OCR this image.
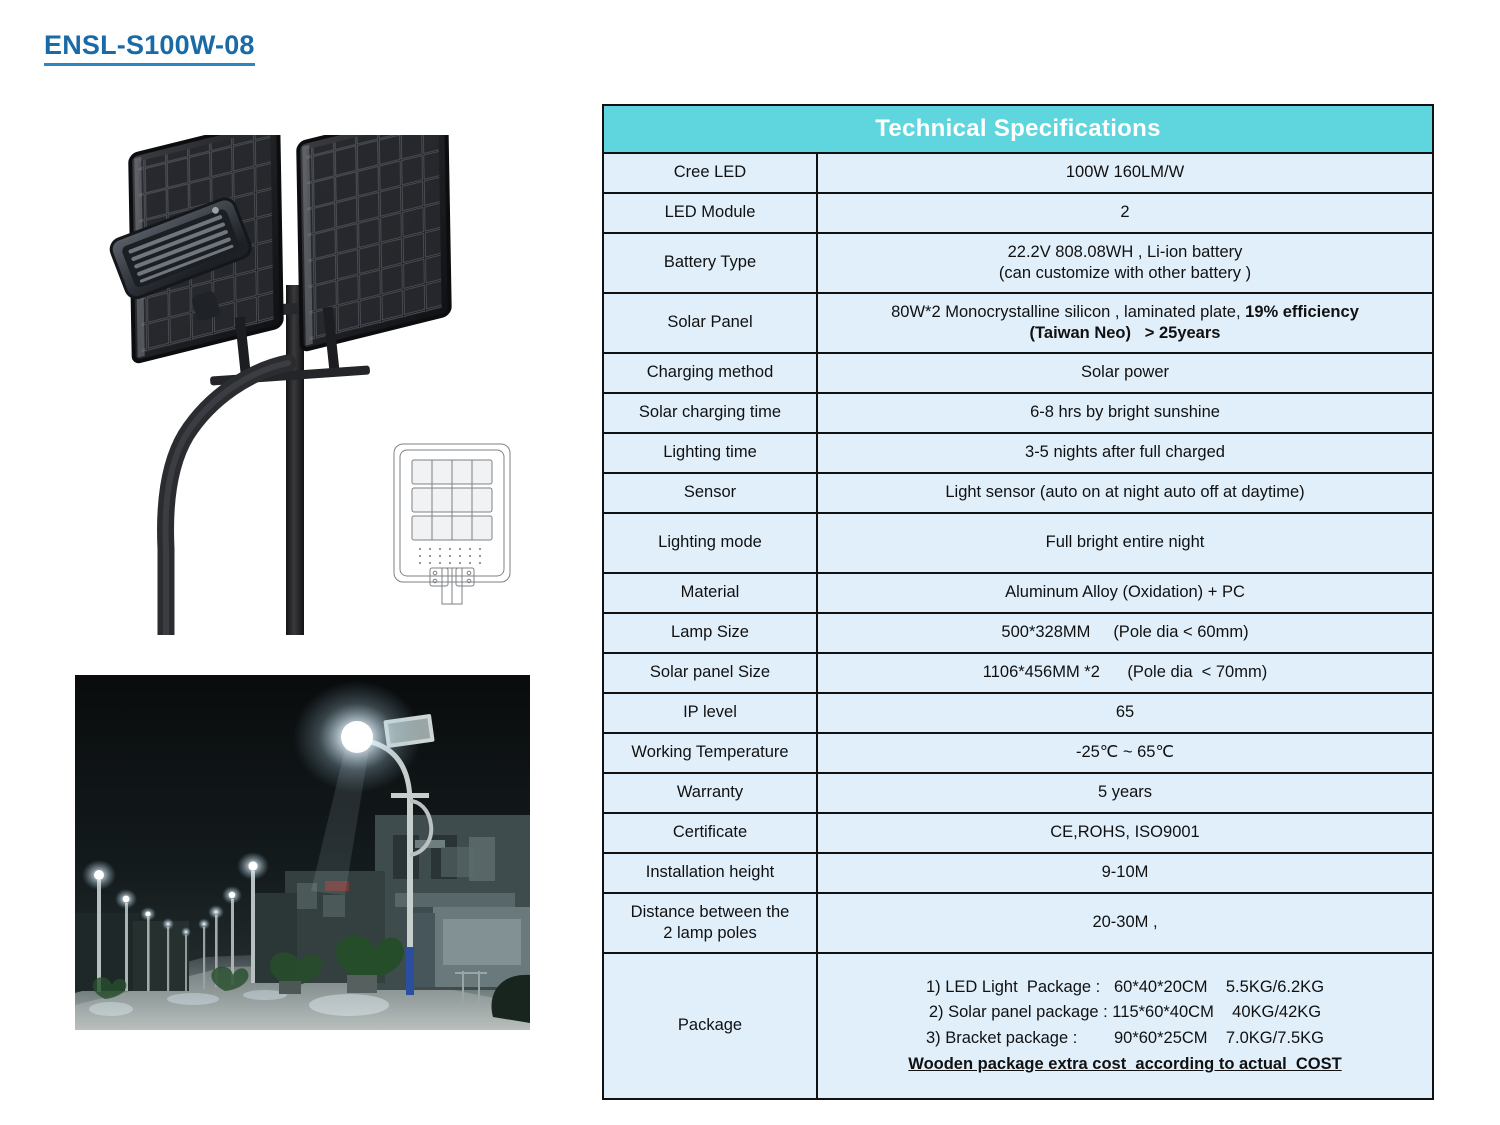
ENSL-S100W-08
Technical Specifications	
Cree LED	100W 160LM/W
LED Module	2
Battery Type	22.2V 808.08WH , Li-ion battery
(can customize with other battery )

Solar Panel	80W*2 Monocrystalline silicon , laminated plate, 19% efficiency
(Taiwan Neo)   > 25years

Charging method	Solar power
Solar charging time	6-8 hrs by bright sunshine
Lighting time	3-5 nights after full charged
Sensor	Light sensor (auto on at night auto off at daytime)
Lighting mode	Full bright entire night
Material	Aluminum Alloy (Oxidation) + PC
Lamp Size	500*328MM     (Pole dia < 60mm)
Solar panel Size	1106*456MM *2      (Pole dia  < 70mm)
IP level	65
Working Temperature	-25℃ ~ 65℃
Warranty	5 years
Certificate	CE,ROHS, ISO9001
Installation height	9-10M

Distance between the
2 lamp poles	20-30M ,
Package	1) LED Light  Package :   60*40*20CM    5.5KG/6.2KG
2) Solar panel package : 115*60*40CM    40KG/42KG
3) Bracket package :        90*60*25CM    7.0KG/7.5KG
Wooden package extra cost  according to actual  COST
